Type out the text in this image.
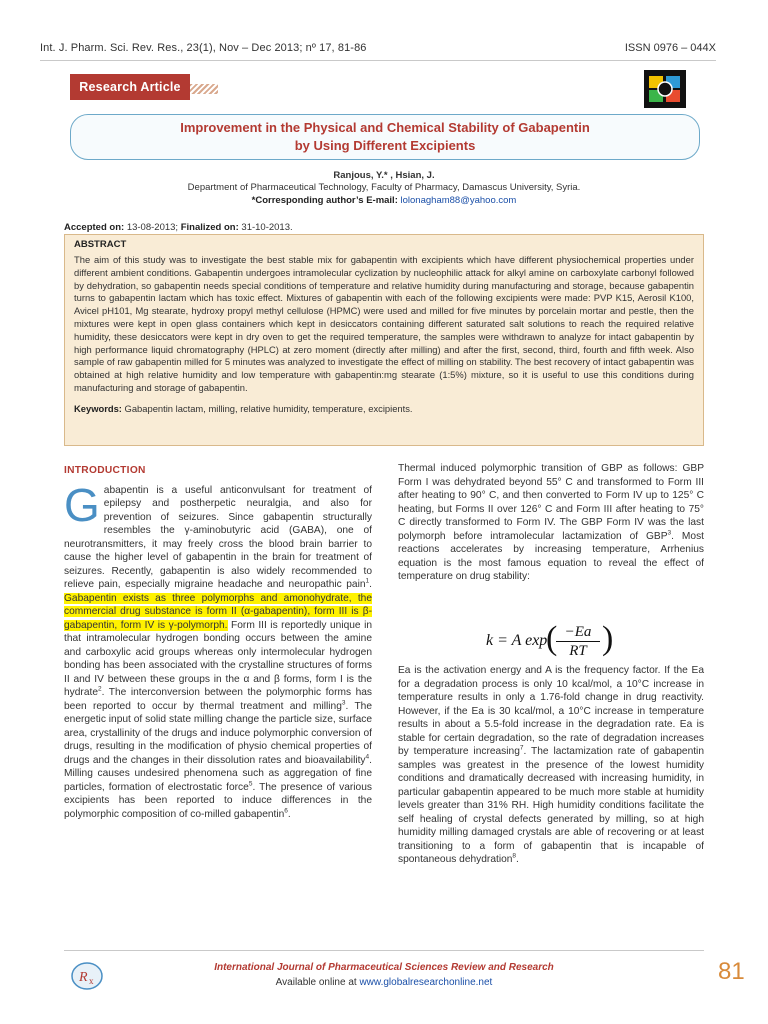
Int. J. Pharm. Sci. Rev. Res., 23(1), Nov – Dec 2013; nº 17, 81-86	ISSN 0976 – 044X
Research Article
Improvement in the Physical and Chemical Stability of Gabapentin
by Using Different Excipients
Ranjous, Y.* , Hsian, J.
Department of Pharmaceutical Technology, Faculty of Pharmacy, Damascus University, Syria.
*Corresponding author’s E-mail: lolonagham88@yahoo.com
Accepted on: 13-08-2013; Finalized on: 31-10-2013.
ABSTRACT
The aim of this study was to investigate the best stable mix for gabapentin with excipients which have different physiochemical properties under different ambient conditions. Gabapentin undergoes intramolecular cyclization by nucleophilic attack for alkyl amine on carboxylate carbonyl followed by dehydration, so gabapentin needs special conditions of temperature and relative humidity during manufacturing and storage, because gabapentin turns to gabapentin lactam which has toxic effect. Mixtures of gabapentin with each of the following excipients were made: PVP K15, Aerosil K100, Avicel pH101, Mg stearate, hydroxy propyl methyl cellulose (HPMC) were used and milled for five minutes by porcelain mortar and pestle, then the mixtures were kept in open glass containers which kept in desiccators containing different saturated salt solutions to reach the required relative humidity, these desiccators were kept in dry oven to get the required temperature, the samples were withdrawn to analyze for intact gabapentin by high performance liquid chromatography (HPLC) at zero moment (directly after milling) and after the first, second, third, fourth and fifth week. Also sample of raw gabapentin milled for 5 minutes was analyzed to investigate the effect of milling on stability. The best recovery of intact gabapentin was obtained at high relative humidity and low temperature with gabapentin:mg stearate (1:5%) mixture, so it is useful to use this conditions during manufacturing and storage of gabapentin.
Keywords: Gabapentin lactam, milling, relative humidity, temperature, excipients.
INTRODUCTION
G abapentin is a useful anticonvulsant for treatment of epilepsy and postherpetic neuralgia, and also for prevention of seizures. Since gabapentin structurally resembles the γ-aminobutyric acid (GABA), one of neurotransmitters, it may freely cross the blood brain barrier to cause the higher level of gabapentin in the brain for treatment of seizures. Recently, gabapentin is also widely recommended to relieve pain, especially migraine headache and neuropathic pain$^1$. Gabapentin exists as three polymorphs and amonohydrate, the commercial drug substance is form II (α-gabapentin), form III is β-gabapentin, form IV is γ-polymorph. Form III is reportedly unique in that intramolecular hydrogen bonding occurs between the amine and carboxylic acid groups whereas only intermolecular hydrogen bonding has been associated with the crystalline structures of forms II and IV between these groups in the α and β forms, form I is the hydrate$^2$. The interconversion between the polymorphic forms has been reported to occur by thermal treatment and milling$^3$. The energetic input of solid state milling change the particle size, surface area, crystallinity of the drugs and induce polymorphic conversion of drugs, resulting in the modification of physio chemical properties of drugs and the changes in their dissolution rates and bioavailability$^4$. Milling causes undesired phenomena such as aggregation of fine particles, formation of electrostatic force$^5$. The presence of various excipients has been reported to induce differences in the polymorphic composition of co-milled gabapentin$^6$.
Thermal induced polymorphic transition of GBP as follows: GBP Form I was dehydrated beyond 55° C and transformed to Form III after heating to 90° C, and then converted to Form IV up to 125° C heating, but Forms II over 126° C and Form III after heating to 75° C directly transformed to Form IV. The GBP Form IV was the last polymorph before intramolecular lactamization of GBP$^3$. Most reactions accelerates by increasing temperature, Arrhenius equation is the most famous equation to reveal the effect of temperature on drug stability:
Ea is the activation energy and A is the frequency factor. If the Ea for a degradation process is only 10 kcal/mol, a 10°C increase in temperature results in only a 1.76-fold change in drug reactivity. However, if the Ea is 30 kcal/mol, a 10°C increase in temperature results in about a 5.5-fold increase in the degradation rate. Ea is stable for certain degradation, so the rate of degradation increases by temperature increasing$^7$. The lactamization rate of gabapentin samples was greatest in the presence of the lowest humidity conditions and dramatically decreased with increasing humidity, in particular gabapentin appeared to be much more stable at humidity levels greater than 31% RH. High humidity conditions facilitate the self healing of crystal defects generated by milling, so at high humidity milling damaged crystals are able of recovering or at least transitioning to a form of gabapentin that is incapable of spontaneous dehydration$^8$.
k = A exp
(
$\frac{-Ea}{RT}$ )
R x
International Journal of Pharmaceutical Sciences Review and Research
Available online at www.globalresearchonline.net	81
